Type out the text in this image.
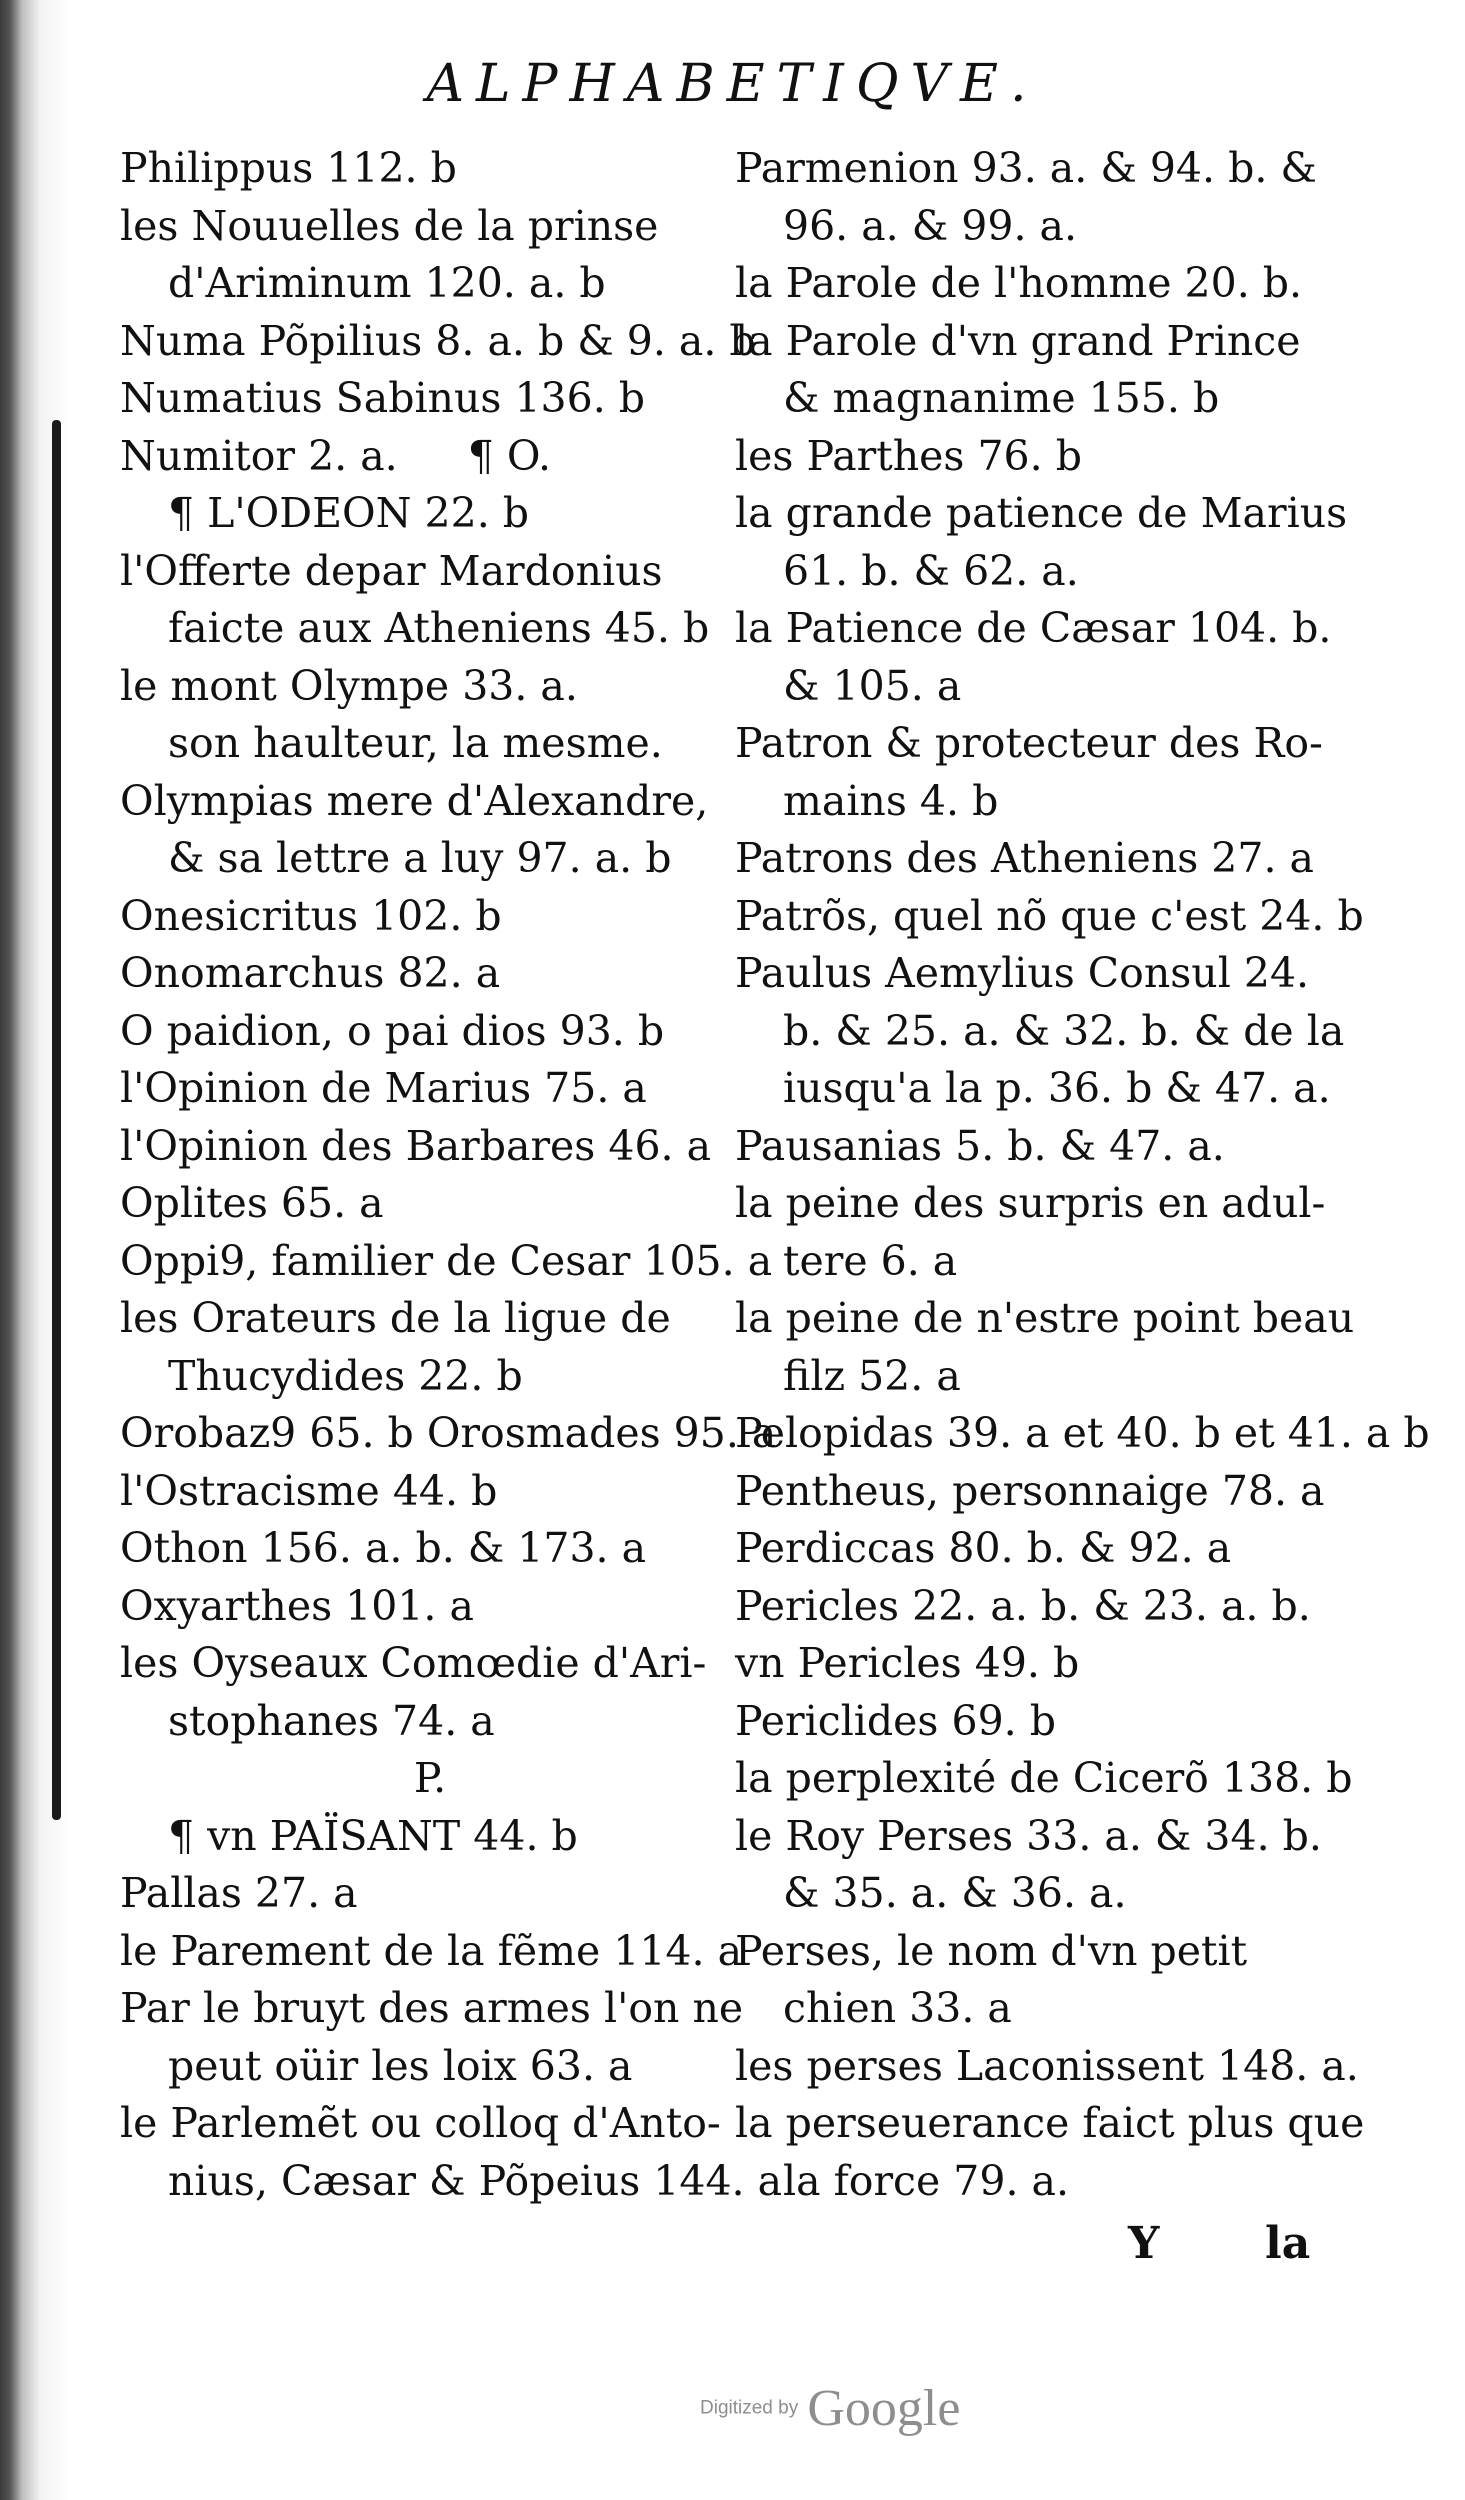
ALPHABETIQVE.
Philippus 112. b
les Nouuelles de la prinse
d'Ariminum 120. a. b
Numa Põpilius 8. a. b & 9. a. b
Numatius Sabinus 136. b
Numitor 2. a. ¶ O.
¶ L'ODEON 22. b
l'Offerte depar Mardonius
faicte aux Atheniens 45. b
le mont Olympe 33. a.
son haulteur, la mesme.
Olympias mere d'Alexandre,
& sa lettre a luy 97. a. b
Onesicritus 102. b
Onomarchus 82. a
O paidion, o pai dios 93. b
l'Opinion de Marius 75. a
l'Opinion des Barbares 46. a
Oplites 65. a
Oppi9, familier de Cesar 105. a
les Orateurs de la ligue de
Thucydides 22. b
Orobaz9 65. b Orosmades 95. a
l'Ostracisme 44. b
Othon 156. a. b. & 173. a
Oxyarthes 101. a
les Oyseaux Comœdie d'Ari-
stophanes 74. a
P.
¶ vn PAÏSANT 44. b
Pallas 27. a
le Parement de la fẽme 114. a
Par le bruyt des armes l'on ne
peut oüir les loix 63. a
le Parlemẽt ou colloq d'Anto-
nius, Cæsar & Põpeius 144. a
Parmenion 93. a. & 94. b. &
96. a. & 99. a.
la Parole de l'homme 20. b.
la Parole d'vn grand Prince
& magnanime 155. b
les Parthes 76. b
la grande patience de Marius
61. b. & 62. a.
la Patience de Cæsar 104. b.
& 105. a
Patron & protecteur des Ro-
mains 4. b
Patrons des Atheniens 27. a
Patrõs, quel nõ que c'est 24. b
Paulus Aemylius Consul 24.
b. & 25. a. & 32. b. & de la
iusqu'a la p. 36. b & 47. a.
Pausanias 5. b. & 47. a.
la peine des surpris en adul-
tere 6. a
la peine de n'estre point beau
filz 52. a
Pelopidas 39. a et 40. b et 41. a b
Pentheus, personnaige 78. a
Perdiccas 80. b. & 92. a
Pericles 22. a. b. & 23. a. b.
vn Pericles 49. b
Periclides 69. b
la perplexité de Cicerõ 138. b
le Roy Perses 33. a. & 34. b.
& 35. a. & 36. a.
Perses, le nom d'vn petit
chien 33. a
les perses Laconissent 148. a.
la perseuerance faict plus que
la force 79. a.
Y la
Digitized by Google
